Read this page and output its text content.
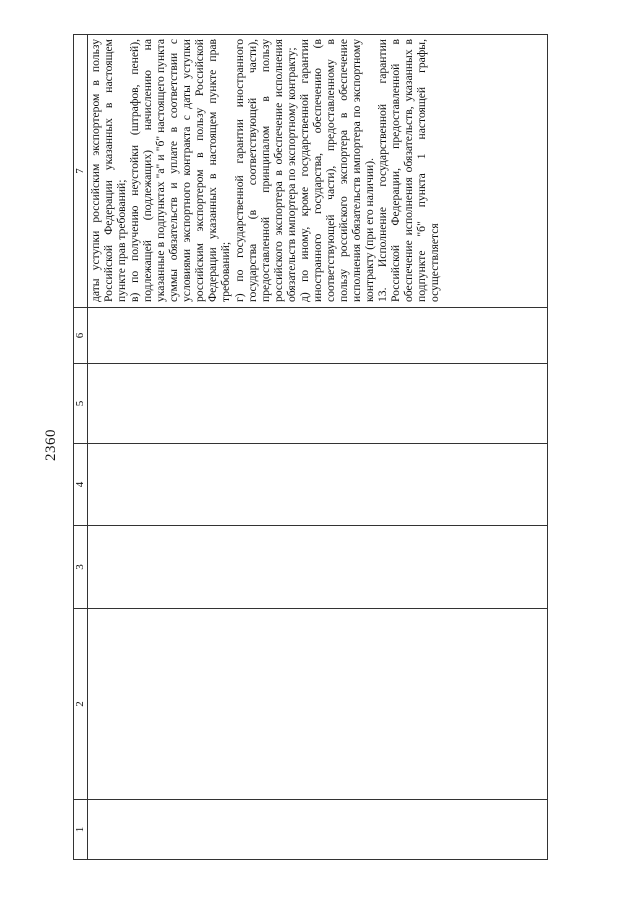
2360
1	2	3	4	5	6	7

						даты уступки российским экспортером в пользу Российской Федерации указанных в настоящем пункте прав требований; в) по получению неустойки (штрафов, пеней), подлежащей (подлежащих) начислению на указанные в подпунктах "а" и "б" настоящего пункта суммы обязательств и уплате в соответствии с условиями экспортного контракта с даты уступки российским экспортером в пользу Российской Федерации указанных в настоящем пункте прав требований; г) по государственной гарантии иностранного государства (в соответствующей части), предоставленной принципалом в пользу российского экспортера в обеспечение исполнения обязательств импортера по экспортному контракту; д) по иному, кроме государственной гарантии иностранного государства, обеспечению (в соответствующей части), предоставленному в пользу российского экспортера в обеспечение исполнения обязательств импортера по экспортному контракту (при его наличии). 13. Исполнение государственной гарантии Российской Федерации, предоставленной в обеспечение исполнения обязательств, указанных в подпункте "б" пункта 1 настоящей графы, осуществляется
